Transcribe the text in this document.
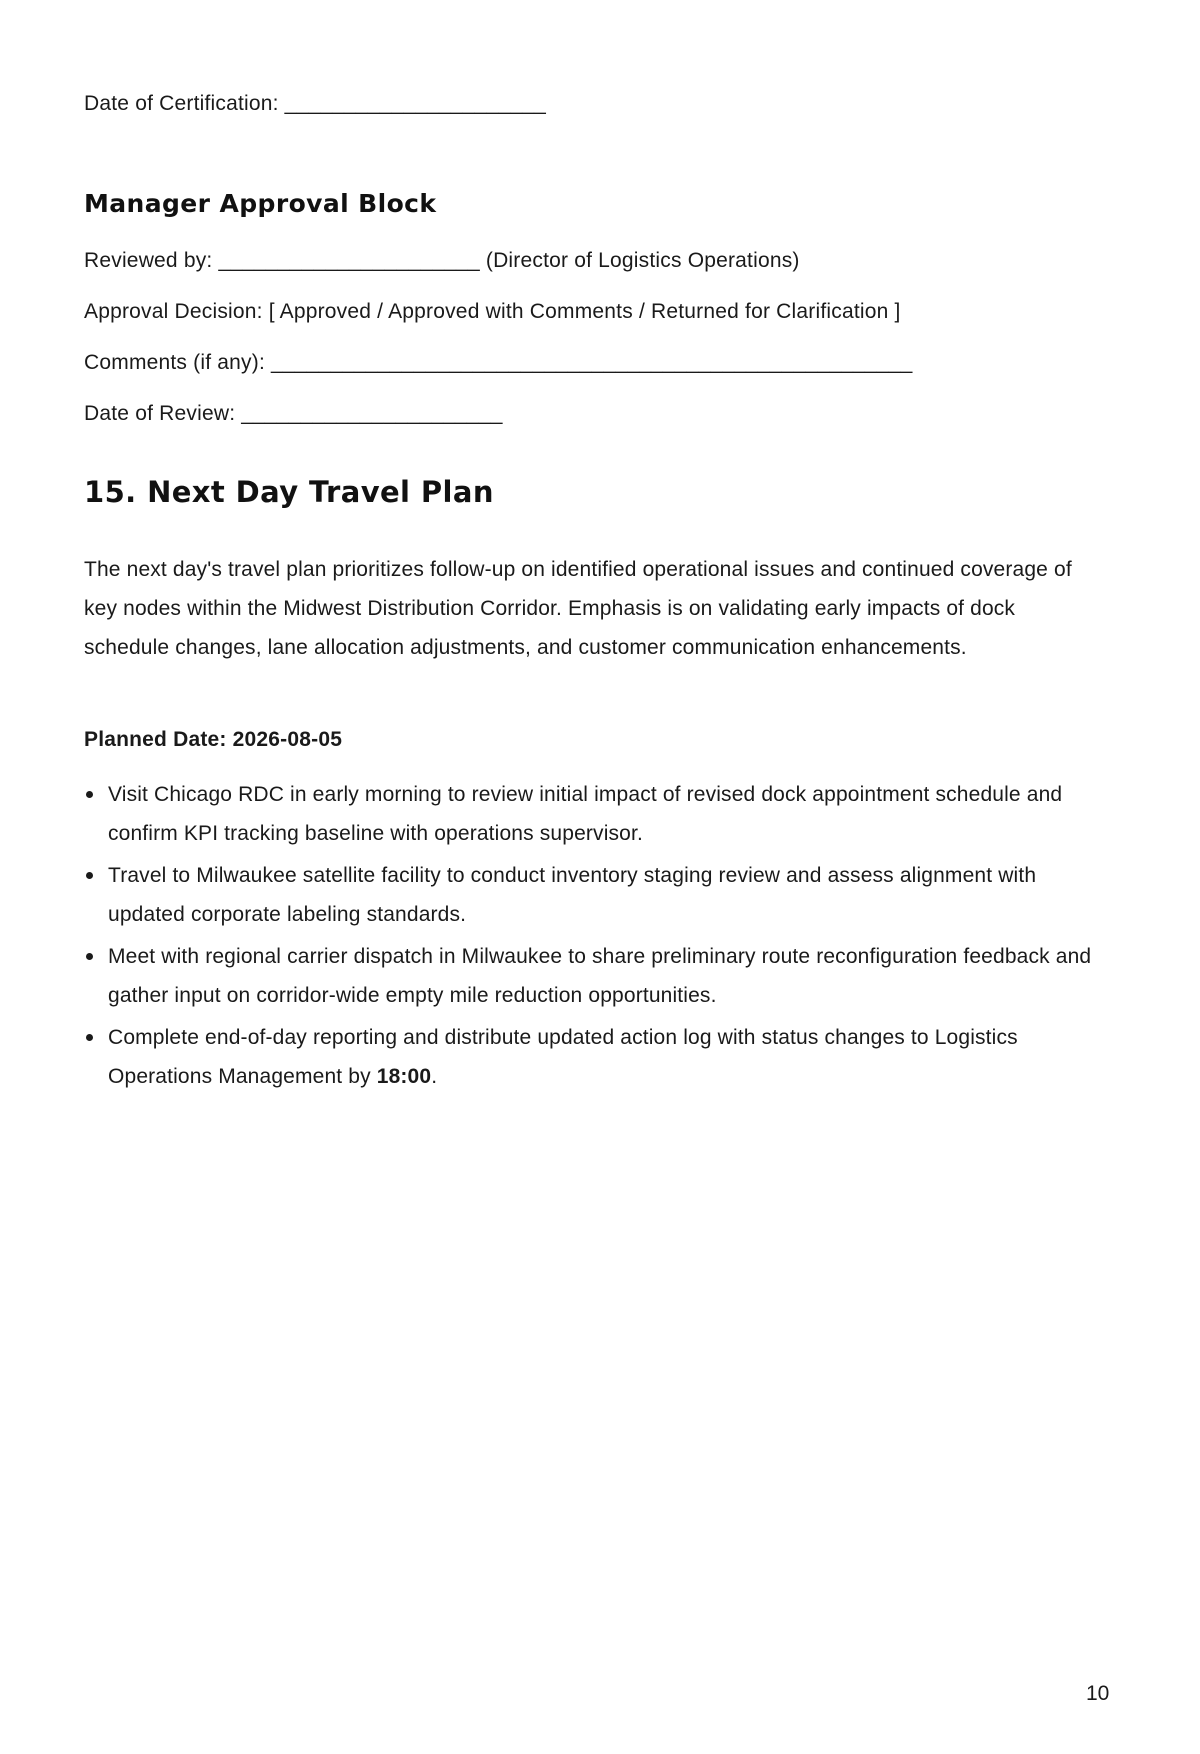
Date of Certification: ______________________
Manager Approval Block
Reviewed by: ______________________ (Director of Logistics Operations)
Approval Decision: [ Approved / Approved with Comments / Returned for Clarification ]
Comments (if any): ______________________________________________________
Date of Review: ______________________
15. Next Day Travel Plan
The next day's travel plan prioritizes follow-up on identified operational issues and continued coverage of key nodes within the Midwest Distribution Corridor. Emphasis is on validating early impacts of dock schedule changes, lane allocation adjustments, and customer communication enhancements.
Planned Date: 2026-08-05
Visit Chicago RDC in early morning to review initial impact of revised dock appointment schedule and confirm KPI tracking baseline with operations supervisor.
Travel to Milwaukee satellite facility to conduct inventory staging review and assess alignment with updated corporate labeling standards.
Meet with regional carrier dispatch in Milwaukee to share preliminary route reconfiguration feedback and gather input on corridor-wide empty mile reduction opportunities.
Complete end-of-day reporting and distribute updated action log with status changes to Logistics Operations Management by 18:00.
10
